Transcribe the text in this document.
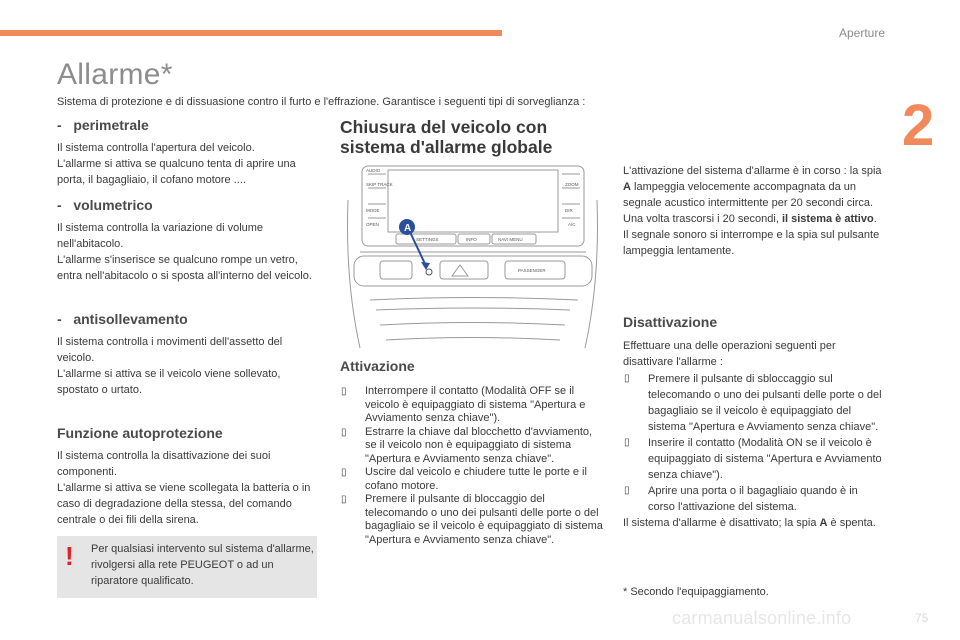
Aperture
2
Allarme*
Sistema di protezione e di dissuasione contro il furto e l'effrazione. Garantisce i seguenti tipi di sorveglianza :
-   perimetrale

Il sistema controlla l'apertura del veicolo.

L'allarme si attiva se qualcuno tenta di aprire una porta, il bagagliaio, il cofano motore ....

-   volumetrico

Il sistema controlla la variazione di volume nell'abitacolo.

L'allarme s'inserisce se qualcuno rompe un vetro, entra nell'abitacolo o si sposta all'interno del veicolo.

-   antisollevamento

Il sistema controlla i movimenti dell'assetto del veicolo.

L'allarme si attiva se il veicolo viene sollevato, spostato o urtato.

Funzione autoprotezione

Il sistema controlla la disattivazione dei suoi componenti.

L'allarme si attiva se viene scollegata la batteria o in caso di degradazione della stessa, del comando centrale o dei fili della sirena.

! Per qualsiasi intervento sul sistema d'allarme, rivolgersi alla rete PEUGEOT o ad un riparatore qualificato.
Chiusura del veicolo con sistema d'allarme globale
AUDIO
SKIP TRACK
MODE
OPEN
ZOOM
DIR
A/C
SETTINGS	INFO	NAVI MENU
PASSENGER
A
Attivazione
▯ Interrompere il contatto (Modalità OFF se il veicolo è equipaggiato di sistema "Apertura e Avviamento senza chiave").
▯ Estrarre la chiave dal blocchetto d'avviamento, se il veicolo non è equipaggiato di sistema "Apertura e Avviamento senza chiave".
▯ Uscire dal veicolo e chiudere tutte le porte e il cofano motore.
▯ Premere il pulsante di bloccaggio del telecomando o uno dei pulsanti delle porte o del bagagliaio se il veicolo è equipaggiato di sistema "Apertura e Avviamento senza chiave".

L'attivazione del sistema d'allarme è in corso : la spia A lampeggia velocemente accompagnata da un segnale acustico intermittente per 20 secondi circa.

Una volta trascorsi i 20 secondi, il sistema è attivo. Il segnale sonoro si interrompe e la spia sul pulsante lampeggia lentamente.

Disattivazione
Effettuare una delle operazioni seguenti per disattivare l'allarme :
▯ Premere il pulsante di sbloccaggio sul telecomando o uno dei pulsanti delle porte o del bagagliaio se il veicolo è equipaggiato del sistema "Apertura e Avviamento senza chiave".
▯ Inserire il contatto (Modalità ON se il veicolo è equipaggiato di sistema "Apertura e Avviamento senza chiave").
▯ Aprire una porta o il bagagliaio quando è in corso l'attivazione del sistema.
Il sistema d'allarme è disattivato; la spia A è spenta.
* Secondo l'equipaggiamento.
carmanualsonline.info	75
